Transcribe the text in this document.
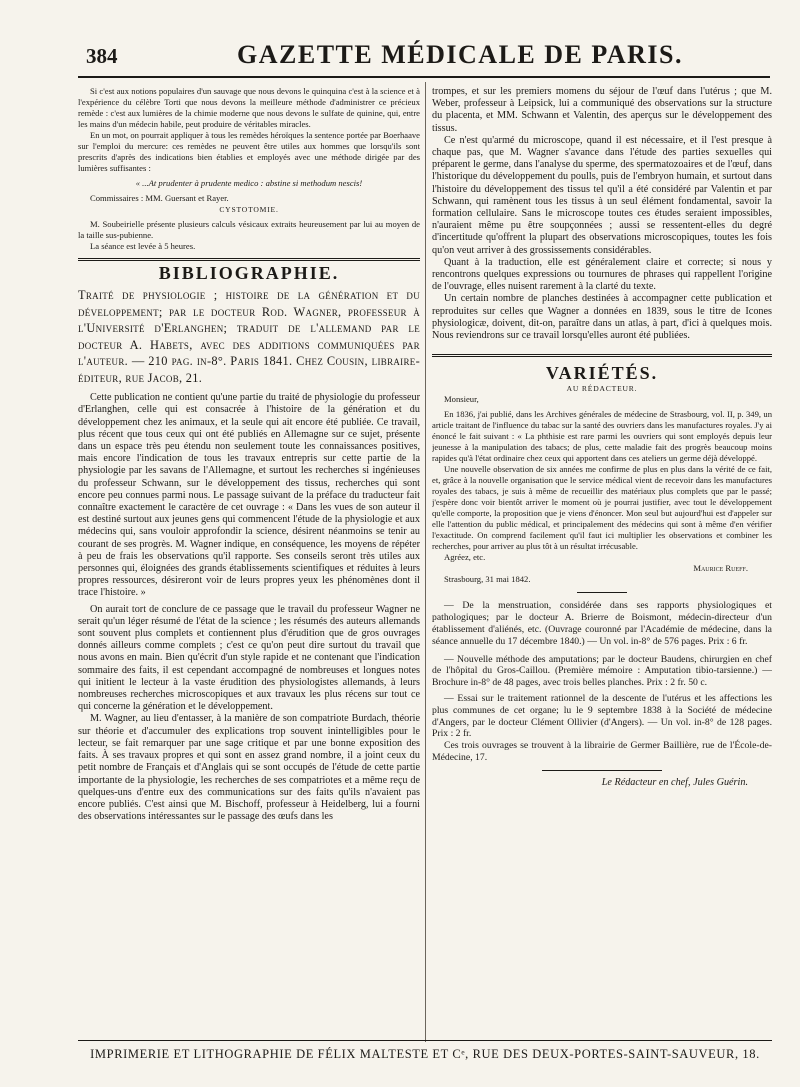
384	GAZETTE MÉDICALE DE PARIS.

Si c'est aux notions populaires d'un sauvage que nous devons le quinquina c'est à la science et à l'expérience du célèbre Torti que nous devons la meilleure méthode d'administrer ce précieux remède : c'est aux lumières de la chimie moderne que nous devons le sulfate de quinine, qui, entre les mains d'un médecin habile, peut produire de véritables miracles.

En un mot, on pourrait appliquer à tous les remèdes héroïques la sentence portée par Boerhaave sur l'emploi du mercure: ces remèdes ne peuvent être utiles aux hommes que lorsqu'ils sont prescrits d'après des indications bien établies et employés avec une méthode dirigée par des lumières suffisantes :

« ...At prudenter à prudente medico : abstine si methodum nescis!

Commissaires : MM. Guersant et Rayer.

CYSTOTOMIE.

M. Soubeirielle présente plusieurs calculs vésicaux extraits heureusement par lui au moyen de la taille sus-pubienne.

La séance est levée à 5 heures.

BIBLIOGRAPHIE.
Traité de physiologie ; histoire de la génération et du développement; par le docteur Rod. Wagner, professeur à l'Université d'Erlanghen; traduit de l'allemand par le docteur A. Habets, avec des additions communiquées par l'auteur. — 210 pag. in-8°. Paris 1841. Chez Cousin, libraire-éditeur, rue Jacob, 21.

Cette publication ne contient qu'une partie du traité de physiologie du professeur d'Erlanghen, celle qui est consacrée à l'histoire de la génération et du développement chez les animaux, et la seule qui ait encore été publiée. Ce travail, plus récent que tous ceux qui ont été publiés en Allemagne sur ce sujet, présente dans un espace très peu étendu non seulement toute les connaissances positives, mais encore l'indication de tous les travaux entrepris sur cette partie de la physiologie par les savans de l'Allemagne, et surtout les recherches si ingénieuses du professeur Schwann, sur le développement des tissus, recherches qui sont encore peu connues parmi nous. Le passage suivant de la préface du traducteur fait connaître exactement le caractère de cet ouvrage : « Dans les vues de son auteur il est destiné surtout aux jeunes gens qui commencent l'étude de la physiologie et aux médecins qui, sans vouloir approfondir la science, désirent néanmoins se tenir au courant de ses progrès. M. Wagner indique, en conséquence, les moyens de répéter à peu de frais les observations qu'il rapporte. Ses conseils seront très utiles aux personnes qui, éloignées des grands établissements scientifiques et réduites à leurs propres ressources, désireront voir de leurs propres yeux les phénomènes dont il trace l'histoire. »

On aurait tort de conclure de ce passage que le travail du professeur Wagner ne serait qu'un léger résumé de l'état de la science ; les résumés des auteurs allemands sont souvent plus complets et contiennent plus d'érudition que de gros ouvrages donnés ailleurs comme complets ; c'est ce qu'on peut dire surtout du travail que nous avons en main. Bien qu'écrit d'un style rapide et ne contenant que l'indication sommaire des faits, il est cependant accompagné de nombreuses et longues notes qui initient le lecteur à la vaste érudition des physiologistes allemands, à leurs nombreuses recherches microscopiques et aux travaux les plus récens sur tout ce qui concerne la génération et le développement.

M. Wagner, au lieu d'entasser, à la manière de son compatriote Burdach, théorie sur théorie et d'accumuler des explications trop souvent inintelligibles pour le lecteur, se fait remarquer par une sage critique et par une bonne exposition des faits. À ses travaux propres et qui sont en assez grand nombre, il a joint ceux du petit nombre de Français et d'Anglais qui se sont occupés de l'étude de cette partie importante de la physiologie, les recherches de ses compatriotes et a même reçu de quelques-uns d'entre eux des communications sur des faits qu'ils n'avaient pas encore publiés. C'est ainsi que M. Bischoff, professeur à Heidelberg, lui a fourni des observations intéressantes sur le passage des œufs dans les

trompes, et sur les premiers momens du séjour de l'œuf dans l'utérus ; que M. Weber, professeur à Leipsick, lui a communiqué des observations sur la structure du placenta, et MM. Schwann et Valentin, des aperçus sur le développement des tissus.

Ce n'est qu'armé du microscope, quand il est nécessaire, et il l'est presque à chaque pas, que M. Wagner s'avance dans l'étude des parties sexuelles qui préparent le germe, dans l'analyse du sperme, des spermatozoaires et de l'œuf, dans l'historique du développement du poulls, puis de l'embryon humain, et surtout dans l'histoire du développement des tissus tel qu'il a été considéré par Valentin et par Schwann, qui ramènent tous les tissus à un seul élément fondamental, savoir la formation cellulaire. Sans le microscope toutes ces études seraient impossibles, n'auraient même pu être soupçonnées ; aussi se ressentent-elles du degré d'incertitude qu'offrent la plupart des observations microscopiques, toutes les fois qu'on veut arriver à des grossissements considérables.

Quant à la traduction, elle est généralement claire et correcte; si nous y rencontrons quelques expressions ou tournures de phrases qui rappellent l'origine de l'ouvrage, elles nuisent rarement à la clarté du texte.

Un certain nombre de planches destinées à accompagner cette publication et reproduites sur celles que Wagner a données en 1839, sous le titre de Icones physiologicæ, doivent, dit-on, paraître dans un atlas, à part, d'ici à quelques mois. Nous reviendrons sur ce travail lorsqu'elles auront été publiées.

VARIÉTÉS.

AU RÉDACTEUR.

Monsieur,

En 1836, j'ai publié, dans les Archives générales de médecine de Strasbourg, vol. II, p. 349, un article traitant de l'influence du tabac sur la santé des ouvriers dans les manufactures royales. J'y ai énoncé le fait suivant : « La phthisie est rare parmi les ouvriers qui sont employés depuis leur jeunesse à la manipulation des tabacs; de plus, cette maladie fait des progrès beaucoup moins rapides qu'à l'état ordinaire chez ceux qui apportent dans ces ateliers un germe déjà développé.

Une nouvelle observation de six années me confirme de plus en plus dans la vérité de ce fait, et, grâce à la nouvelle organisation que le service médical vient de recevoir dans les manufactures royales des tabacs, je suis à même de recueillir des matériaux plus complets que par le passé; j'espère donc voir bientôt arriver le moment où je pourrai justifier, avec tout le développement qu'elle comporte, la proposition que je viens d'énoncer. Mon seul but aujourd'hui est d'appeler sur elle l'attention du public médical, et principalement des médecins qui sont à même d'en vérifier l'exactitude. On comprend facilement qu'il faut ici multiplier les observations et combiner les recherches, pour arriver au plus tôt à un résultat irrécusable.

Agréez, etc.

Maurice Rueff.

Strasbourg, 31 mai 1842.

— De la menstruation, considérée dans ses rapports physiologiques et pathologiques; par le docteur A. Brierre de Boismont, médecin-directeur d'un établissement d'aliénés, etc. (Ouvrage couronné par l'Académie de médecine, dans la séance annuelle du 17 décembre 1840.) — Un vol. in-8° de 576 pages. Prix : 6 fr.

— Nouvelle méthode des amputations; par le docteur Baudens, chirurgien en chef de l'hôpital du Gros-Caillou. (Première mémoire : Amputation tibio-tarsienne.) — Brochure in-8° de 48 pages, avec trois belles planches. Prix : 2 fr. 50 c.

— Essai sur le traitement rationnel de la descente de l'utérus et les affections les plus communes de cet organe; lu le 9 septembre 1838 à la Société de médecine d'Angers, par le docteur Clément Ollivier (d'Angers). — Un vol. in-8° de 128 pages. Prix : 2 fr.

Ces trois ouvrages se trouvent à la librairie de Germer Baillière, rue de l'École-de-Médecine, 17.

Le Rédacteur en chef, Jules Guérin.

IMPRIMERIE ET LITHOGRAPHIE DE FÉLIX MALTESTE ET Cᵉ, RUE DES DEUX-PORTES-SAINT-SAUVEUR, 18.
